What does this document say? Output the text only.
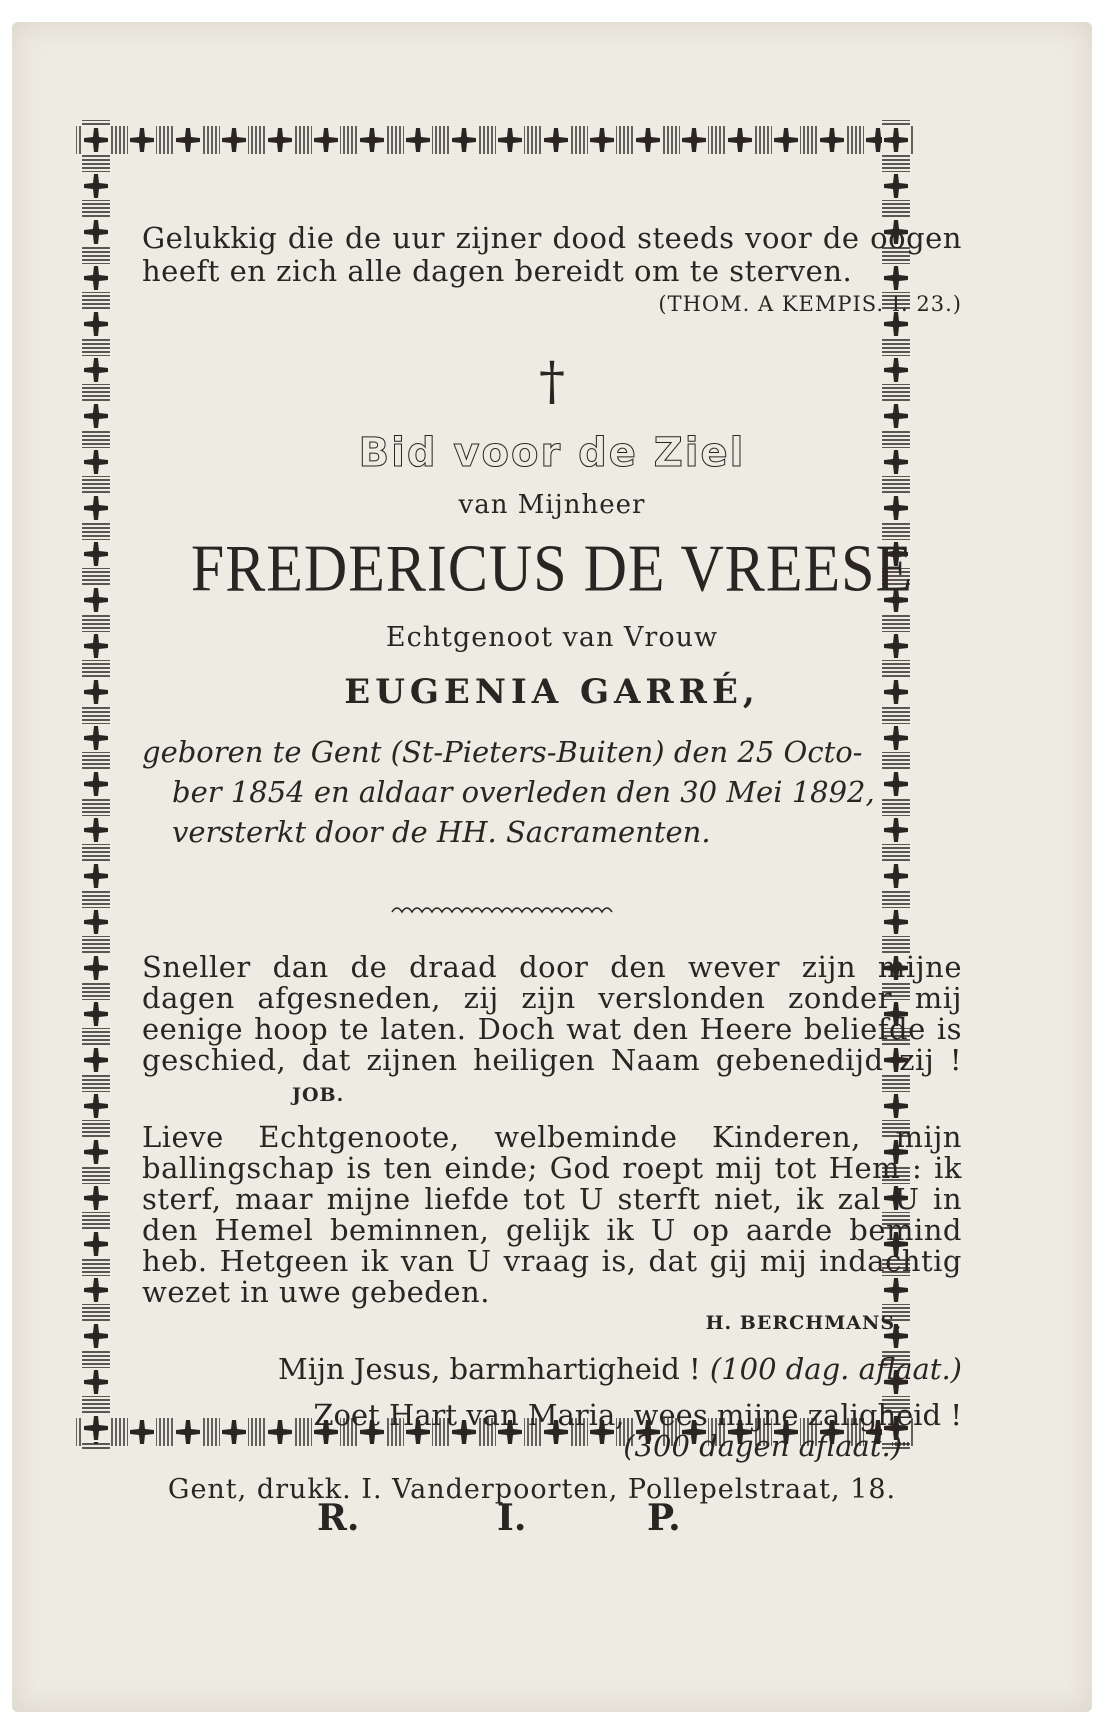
Gelukkig die de uur zijner dood steeds voor de oogen heeft en zich alle dagen bereidt om te sterven.
(THOM. A KEMPIS. I. 23.)

†
Bid voor de Ziel
van Mijnheer
FREDERICUS DE VREESE
Echtgenoot van Vrouw
EUGENIA GARRÉ,

geboren te Gent (St-Pieters-Buiten) den 25 Octo-

ber 1854 en aldaar overleden den 30 Mei 1892,

versterkt door de HH. Sacramenten.

Sneller dan de draad door den wever zijn mijne dagen afgesneden, zij zijn verslonden zonder mij eenige hoop te laten. Doch wat den Heere beliefde is geschied, dat zijnen heiligen Naam gebenedijd zij ! JOB.

Lieve Echtgenoote, welbeminde Kinderen, mijn ballingschap is ten einde; God roept mij tot Hem : ik sterf, maar mijne liefde tot U sterft niet, ik zal U in den Hemel beminnen, gelijk ik U op aarde bemind heb. Hetgeen ik van U vraag is, dat gij mij indachtig wezet in uwe gebeden.

H. BERCHMANS.

Mijn Jesus, barmhartigheid ! (100 dag. aflaat.)

Zoet Hart van Maria, wees mijne zaligheid !
(300 dagen aflaat.)

R.	I.	P.
Gent, drukk. I. Vanderpoorten, Pollepelstraat, 18.
